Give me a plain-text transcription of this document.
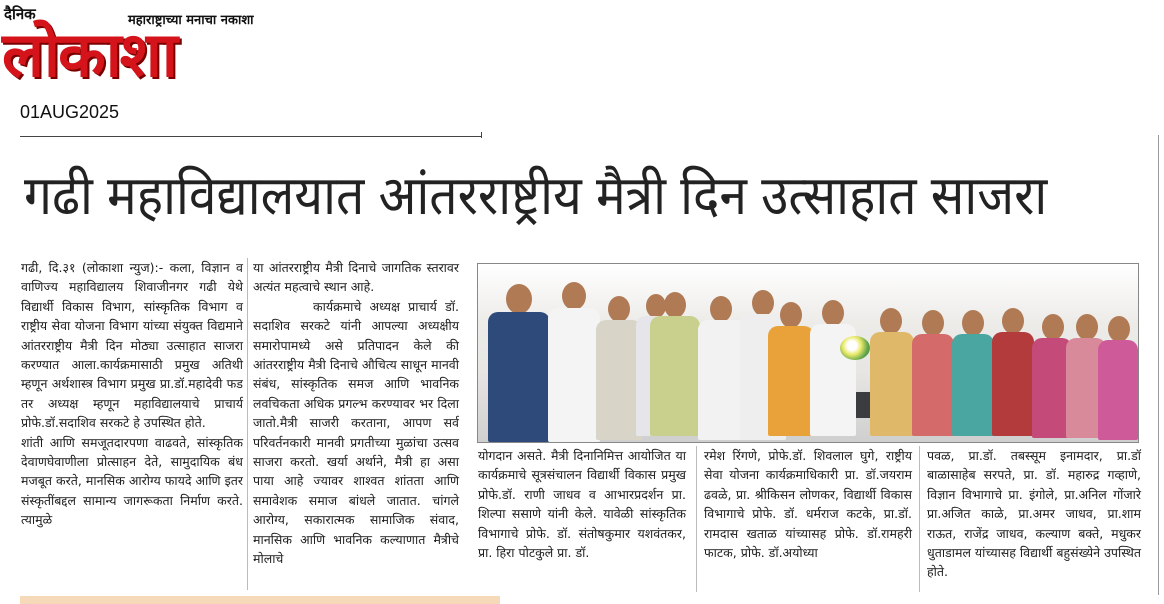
दैनिक	महाराष्ट्राच्या मनाचा नकाशा
लोकाशा
01AUG2025
गढी महाविद्यालयात आंतरराष्ट्रीय मैत्री दिन उत्साहात साजरा

गढी, दि.३१ (लोकाशा न्युज):- कला, विज्ञान व वाणिज्य महाविद्यालय शिवाजीनगर गढी येथे विद्यार्थी विकास विभाग, सांस्कृतिक विभाग व राष्ट्रीय सेवा योजना विभाग यांच्या संयुक्त विद्यमाने आंतरराष्ट्रीय मैत्री दिन मोठ्या उत्साहात साजरा करण्यात आला.कार्यक्रमासाठी प्रमुख अतिथी म्हणून अर्थशास्त्र विभाग प्रमुख प्रा.डॉ.महादेवी फड तर अध्यक्ष म्हणून महाविद्यालयाचे प्राचार्य प्रोफे.डॉ.सदाशिव सरकटे हे उपस्थित होते.

शांती आणि समजूतदारपणा वाढवते, सांस्कृतिक देवाणघेवाणीला प्रोत्साहन देते, सामुदायिक बंध मजबूत करते, मानसिक आरोग्य फायदे आणि इतर संस्कृतींबद्दल सामान्य जागरूकता निर्माण करते. त्यामुळे

या आंतरराष्ट्रीय मैत्री दिनाचे जागतिक स्तरावर अत्यंत महत्वाचे स्थान आहे.

कार्यक्रमाचे अध्यक्ष प्राचार्य डॉ. सदाशिव सरकटे यांनी आपल्या अध्यक्षीय समारोपामध्ये असे प्रतिपादन केले की आंतरराष्ट्रीय मैत्री दिनाचे औचित्य साधून मानवी संबंध, सांस्कृतिक समज आणि भावनिक लवचिकता अधिक प्रगल्भ करण्यावर भर दिला जातो.मैत्री साजरी करताना, आपण सर्व परिवर्तनकारी मानवी प्रगतीच्या मुळांचा उत्सव साजरा करतो. खर्या अर्थाने, मैत्री हा असा पाया आहे ज्यावर शाश्वत शांतता आणि समावेशक समाज बांधले जातात. चांगले आरोग्य, सकारात्मक सामाजिक संवाद, मानसिक आणि भावनिक कल्याणात मैत्रीचे मोलाचे

योगदान असते. मैत्री दिनानिमित्त आयोजित या कार्यक्रमाचे सूत्रसंचालन विद्यार्थी विकास प्रमुख प्रोफे.डॉ. राणी जाधव व आभारप्रदर्शन प्रा. शिल्पा ससाणे यांनी केले. यावेळी सांस्कृतिक विभागाचे प्रोफे. डॉ. संतोषकुमार यशवंतकर, प्रा. हिरा पोटकुले प्रा. डॉ.
रमेश रिंगणे, प्रोफे.डॉ. शिवलाल घुगे, राष्ट्रीय सेवा योजना कार्यक्रमाधिकारी प्रा. डॉ.जयराम ढवळे, प्रा. श्रीकिसन लोणकर, विद्यार्थी विकास विभागाचे प्रोफे. डॉ. धर्मराज कटके, प्रा.डॉ. रामदास खताळ यांच्यासह प्रोफे. डॉ.रामहरी फाटक, प्रोफे. डॉ.अयोध्या
पवळ, प्रा.डॉ. तबस्सूम इनामदार, प्रा.डॉ बाळासाहेब सरपते, प्रा. डॉ. महारुद्र गव्हाणे, विज्ञान विभागाचे प्रा. इंगोले, प्रा.अनिल गोंजारे प्रा.अजित काळे, प्रा.अमर जाधव, प्रा.शाम राऊत, राजेंद्र जाधव, कल्याण बक्ते, मधुकर धुताडामल यांच्यासह विद्यार्थी बहुसंख्येने उपस्थित होते.
